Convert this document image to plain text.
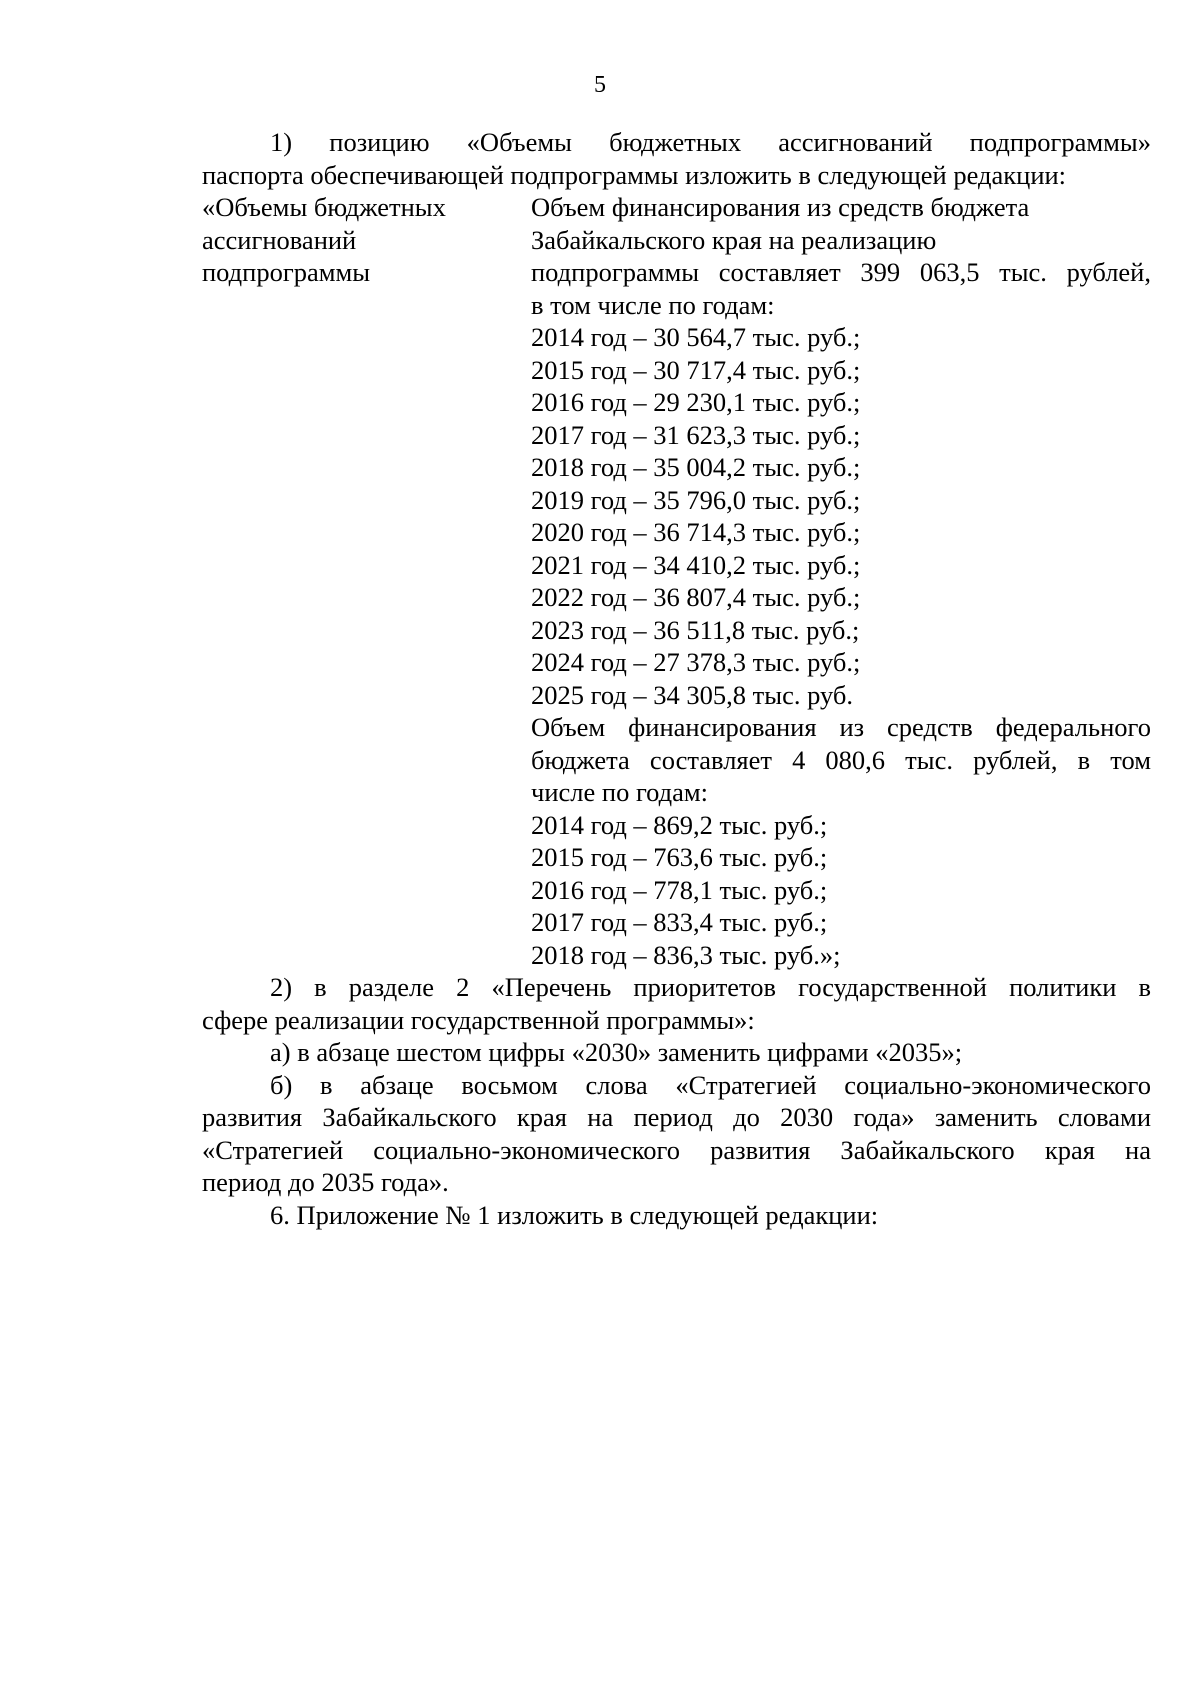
5
1) позицию «Объемы бюджетных ассигнований подпрограммы»
паспорта обеспечивающей подпрограммы изложить в следующей редакции:
«Объемы бюджетных	Объем финансирования из средств бюджета
ассигнований	Забайкальского края на реализацию
подпрограммы	подпрограммы составляет 399 063,5 тыс. рублей,
в том числе по годам:
2014 год – 30 564,7 тыс. руб.;
2015 год – 30 717,4 тыс. руб.;
2016 год – 29 230,1 тыс. руб.;
2017 год – 31 623,3 тыс. руб.;
2018 год – 35 004,2 тыс. руб.;
2019 год – 35 796,0 тыс. руб.;
2020 год – 36 714,3 тыс. руб.;
2021 год – 34 410,2 тыс. руб.;
2022 год – 36 807,4 тыс. руб.;
2023 год – 36 511,8 тыс. руб.;
2024 год – 27 378,3 тыс. руб.;
2025 год – 34 305,8 тыс. руб.
Объем финансирования из средств федерального
бюджета составляет 4 080,6 тыс. рублей, в том
числе по годам:
2014 год – 869,2 тыс. руб.;
2015 год – 763,6 тыс. руб.;
2016 год – 778,1 тыс. руб.;
2017 год – 833,4 тыс. руб.;
2018 год – 836,3 тыс. руб.»;
2) в разделе 2 «Перечень приоритетов государственной политики в
сфере реализации государственной программы»:
а) в абзаце шестом цифры «2030» заменить цифрами «2035»;
б) в абзаце восьмом слова «Стратегией социально-экономического
развития Забайкальского края на период до 2030 года» заменить словами
«Стратегией социально-экономического развития Забайкальского края на
период до 2035 года».
6. Приложение № 1 изложить в следующей редакции:
